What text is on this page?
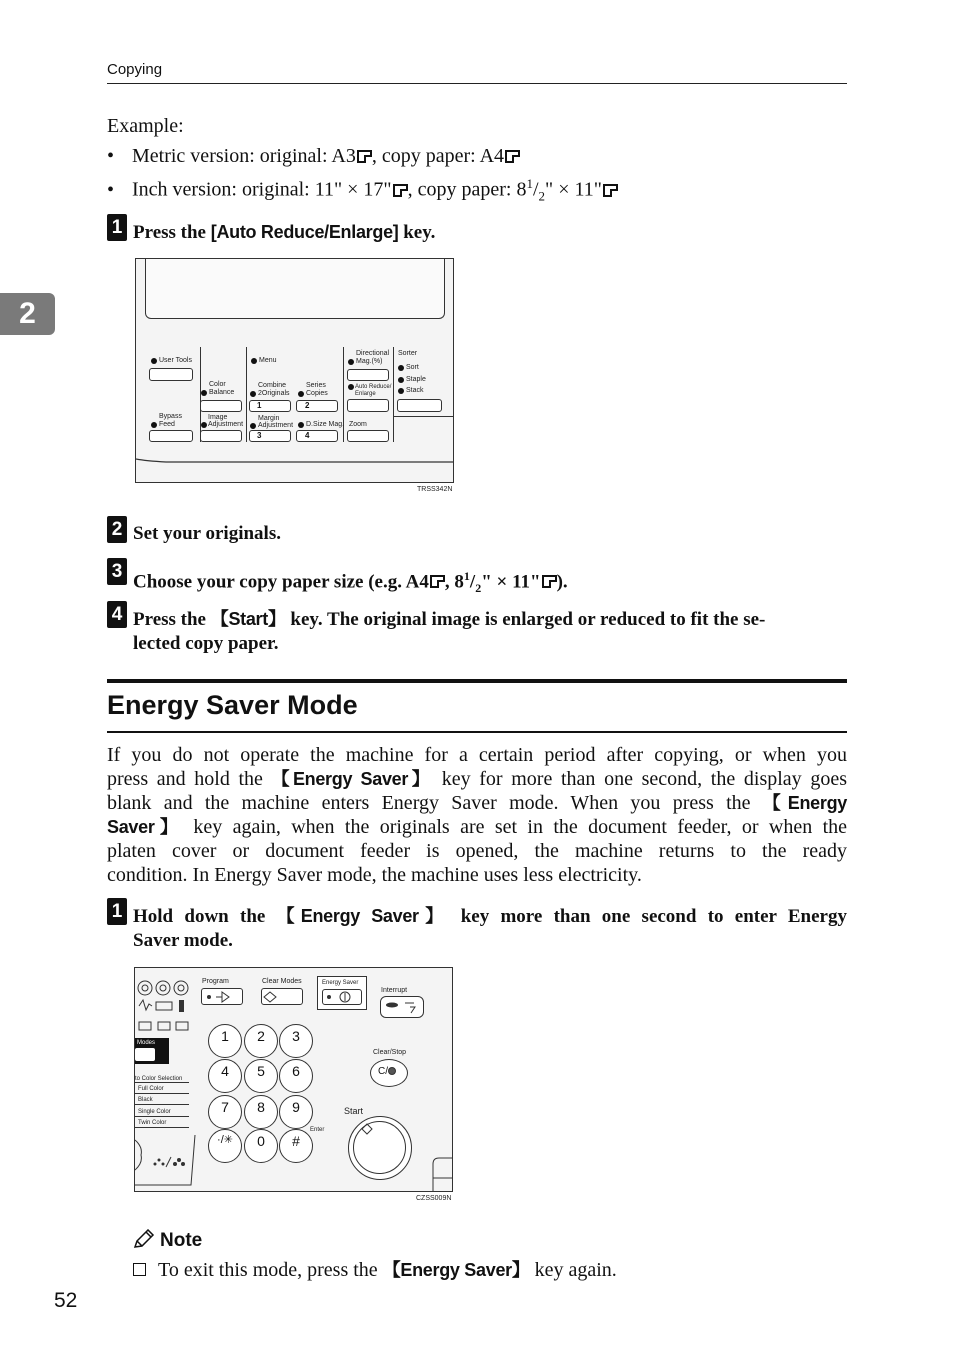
Copying
2
Example:
• Metric version: original: A3 , copy paper: A4
• Inch version: original: 11" × 17" , copy paper: $8^1/_2$" × 11"
1 Press the [Auto Reduce/Enlarge] key.
User Tools	Menu
Directional
Mag.(%)
Sorter
Sort
Staple
Stack
Color
Balance
Combine
2Originals
1
Series
Copies
2
Auto Reduce/
Enlarge
Bypass
Feed
Image
Adjustment
Margin
Adjustment
3
D.Size Mag.
4
Zoom
TRSS342N
2 Set your originals.
3
Choose your copy paper size (e.g. A4 , $8^1/_2$" × 11" ).
4 Press the 【Start】 key. The original image is enlarged or reduced to fit the se-
lected copy paper.
Energy Saver Mode
If you do not operate the machine for a certain period after copying, or when you
press and hold the 【Energy Saver】 key for more than one second, the display goes
blank and the machine enters Energy Saver mode. When you press the 【Energy
Saver】 key again, when the originals are set in the document feeder, or when the
platen cover or document feeder is opened, the machine returns to the ready
condition. In Energy Saver mode, the machine uses less electricity.
1 Hold down the 【Energy Saver】 key more than one second to enter Energy
Saver mode.
Modes
to Color Selection
Full Color
Black
Single Color
Twin Color
Program	Clear Modes	Energy Saver
Interrupt
1	2	3
4	5	6
7	8	9
·/✳	0	#
Enter
Clear/Stop
C/
Start
CZSS009N
Note
To exit this mode, press the 【Energy Saver】 key again.
52
